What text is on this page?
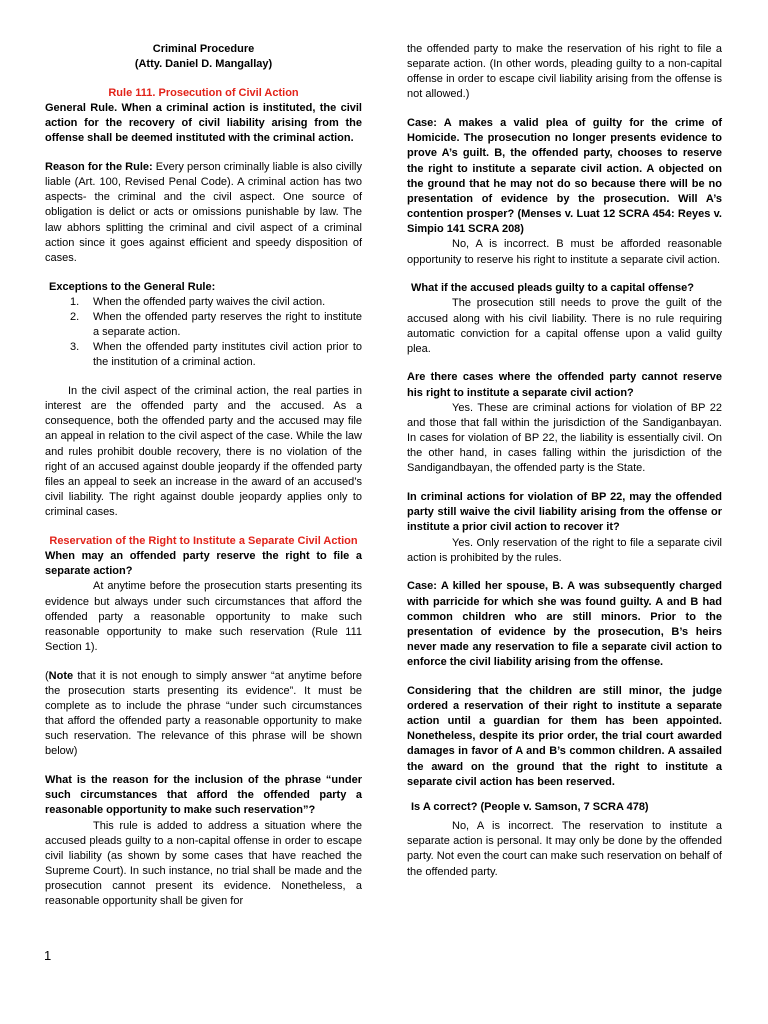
Criminal Procedure

(Atty. Daniel D. Mangallay)

Rule 111. Prosecution of Civil Action

General Rule. When a criminal action is instituted, the civil action for the recovery of civil liability arising from the offense shall be deemed instituted with the criminal action.

Reason for the Rule: Every person criminally liable is also civilly liable (Art. 100, Revised Penal Code). A criminal action has two aspects- the criminal and the civil aspect. One source of obligation is delict or acts or omissions punishable by law. The law abhors splitting the criminal and civil aspect of a criminal action since it goes against efficient and speedy disposition of cases.

Exceptions to the General Rule:

1. When the offended party waives the civil action.

2. When the offended party reserves the right to institute a separate action.

3. When the offended party institutes civil action prior to the institution of a criminal action.

In the civil aspect of the criminal action, the real parties in interest are the offended party and the accused. As a consequence, both the offended party and the accused may file an appeal in relation to the civil aspect of the case. While the law and rules prohibit double recovery, there is no violation of the right of an accused against double jeopardy if the offended party files an appeal to seek an increase in the award of an accused’s civil liability. The right against double jeopardy applies only to criminal cases.

Reservation of the Right to Institute a Separate Civil Action

When may an offended party reserve the right to file a separate action?

At anytime before the prosecution starts presenting its evidence but always under such circumstances that afford the offended party a reasonable opportunity to make such reasonable opportunity to make such reservation (Rule 111 Section 1).

(Note that it is not enough to simply answer “at anytime before the prosecution starts presenting its evidence”. It must be complete as to include the phrase “under such circumstances that afford the offended party a reasonable opportunity to make such reservation. The relevance of this phrase will be shown below)

What is the reason for the inclusion of the phrase “under such circumstances that afford the offended party a reasonable opportunity to make such reservation”?

This rule is added to address a situation where the accused pleads guilty to a non-capital offense in order to escape civil liability (as shown by some cases that have reached the Supreme Court). In such instance, no trial shall be made and the prosecution cannot present its evidence. Nonetheless, a reasonable opportunity shall be given for

the offended party to make the reservation of his right to file a separate action. (In other words, pleading guilty to a non-capital offense in order to escape civil liability arising from the offense is not allowed.)

Case: A makes a valid plea of guilty for the crime of Homicide. The prosecution no longer presents evidence to prove A’s guilt. B, the offended party, chooses to reserve the right to institute a separate civil action. A objected on the ground that he may not do so because there will be no presentation of evidence by the prosecution. Will A’s contention prosper? (Menses v. Luat 12 SCRA 454: Reyes v. Simpio 141 SCRA 208)

No, A is incorrect. B must be afforded reasonable opportunity to reserve his right to institute a separate civil action.

What if the accused pleads guilty to a capital offense?

The prosecution still needs to prove the guilt of the accused along with his civil liability. There is no rule requiring automatic conviction for a capital offense upon a valid guilty plea.

Are there cases where the offended party cannot reserve his right to institute a separate civil action?

Yes. These are criminal actions for violation of BP 22 and those that fall within the jurisdiction of the Sandiganbayan. In cases for violation of BP 22, the liability is essentially civil. On the other hand, in cases falling within the jurisdiction of the Sandigandbayan, the offended party is the State.

In criminal actions for violation of BP 22, may the offended party still waive the civil liability arising from the offense or institute a prior civil action to recover it?

Yes. Only reservation of the right to file a separate civil action is prohibited by the rules.

Case: A killed her spouse, B. A was subsequently charged with parricide for which she was found guilty. A and B had common children who are still minors. Prior to the presentation of evidence by the prosecution, B’s heirs never made any reservation to file a separate civil action to enforce the civil liability arising from the offense.

Considering that the children are still minor, the judge ordered a reservation of their right to institute a separate action until a guardian for them has been appointed. Nonetheless, despite its prior order, the trial court awarded damages in favor of A and B’s common children. A assailed the award on the ground that the right to institute a separate civil action has been reserved.

Is A correct? (People v. Samson, 7 SCRA 478)

No, A is incorrect. The reservation to institute a separate action is personal. It may only be done by the offended party. Not even the court can make such reservation on behalf of the offended party.

1
